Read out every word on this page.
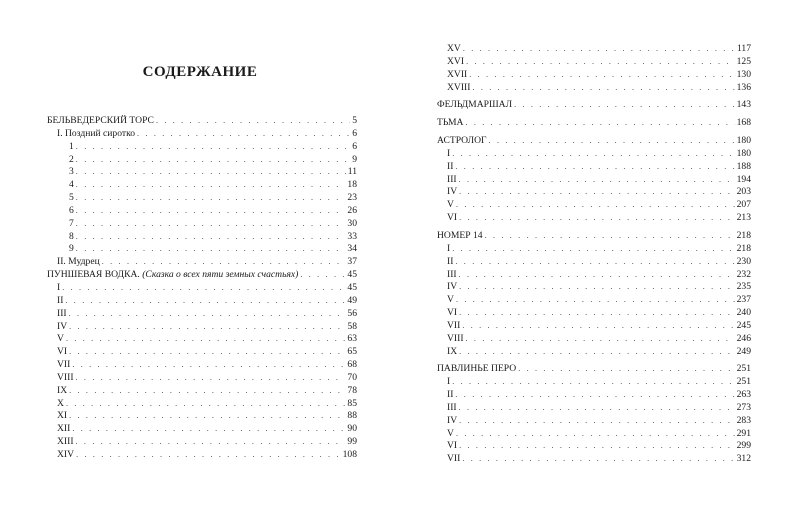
СОДЕРЖАНИЕ
БЕЛЬВЕДЕРСКИЙ ТОРС . . .	5
I. Поздний сиротко . . .	6
1 . . .	6
2 . . .	9
3 . . .	11
4 . . .	18
5 . . .	23
6 . . .	26
7 . . .	30
8 . . .	33
9 . . .	34
II. Мудрец . . .	37
ПУНШЕВАЯ ВОДКА. (Сказка о всех пяти земных счастьях) . . .	45
I . . .	45
II . . .	49
III . . .	56
IV . . .	58
V . . .	63
VI . . .	65
VII . . .	68
VIII . . .	70
IX . . .	78
X . . .	85
XI . . .	88
XII . . .	90
XIII . . .	99
XIV . . .	108
XV . . .	117
XVI . . .	125
XVII . . .	130
XVIII . . .	136
ФЕЛЬДМАРШАЛ . . .	143
ТЬМА . . .	168
АСТРОЛОГ . . .	180
I . . .	180
II . . .	188
III . . .	194
IV . . .	203
V . . .	207
VI . . .	213
НОМЕР 14 . . .	218
I . . .	218
II . . .	230
III . . .	232
IV . . .	235
V . . .	237
VI . . .	240
VII . . .	245
VIII . . .	246
IX . . .	249
ПАВЛИНЬЕ ПЕРО . . .	251
I . . .	251
II . . .	263
III . . .	273
IV . . .	283
V . . .	291
VI . . .	299
VII . . .	312
